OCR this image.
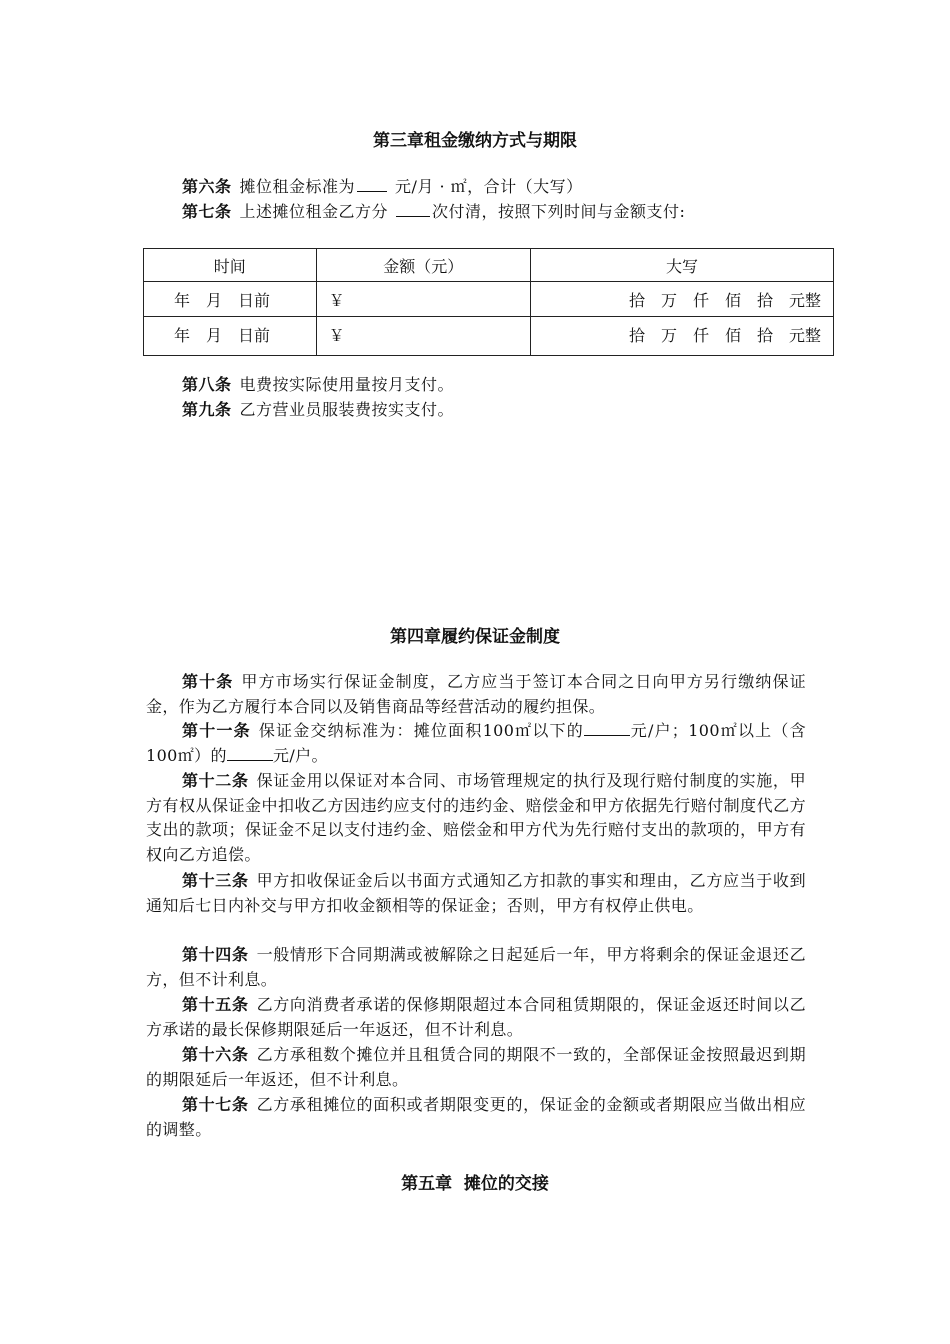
第三章租金缴纳方式与期限
第六条 摊位租金标准为	元/月 · ㎡，合计（大写）
第七条 上述摊位租金乙方分	次付清，按照下列时间与金额支付:
时间	金额（元）	大写
年　月　日前	￥	拾　万　仟　佰　拾　元整
年　月　日前	￥	拾　万　仟　佰　拾　元整
第八条 电费按实际使用量按月支付。
第九条 乙方营业员服装费按实支付。
第四章履约保证金制度
第十条 甲方市场实行保证金制度，乙方应当于签订本合同之日向甲方另行缴纳保证金，作为乙方履行本合同以及销售商品等经营活动的履约担保。
第十一条 保证金交纳标准为：摊位面积100㎡以下的	元/户；100㎡以上（含100㎡）的	元/户。
第十二条 保证金用以保证对本合同、市场管理规定的执行及现行赔付制度的实施，甲方有权从保证金中扣收乙方因违约应支付的违约金、赔偿金和甲方依据先行赔付制度代乙方支出的款项；保证金不足以支付违约金、赔偿金和甲方代为先行赔付支出的款项的，甲方有权向乙方追偿。
第十三条 甲方扣收保证金后以书面方式通知乙方扣款的事实和理由，乙方应当于收到通知后七日内补交与甲方扣收金额相等的保证金；否则，甲方有权停止供电。
第十四条 一般情形下合同期满或被解除之日起延后一年，甲方将剩余的保证金退还乙方，但不计利息。
第十五条 乙方向消费者承诺的保修期限超过本合同租赁期限的，保证金返还时间以乙方承诺的最长保修期限延后一年返还，但不计利息。
第十六条 乙方承租数个摊位并且租赁合同的期限不一致的，全部保证金按照最迟到期的期限延后一年返还，但不计利息。
第十七条 乙方承租摊位的面积或者期限变更的，保证金的金额或者期限应当做出相应的调整。
第五章  摊位的交接
